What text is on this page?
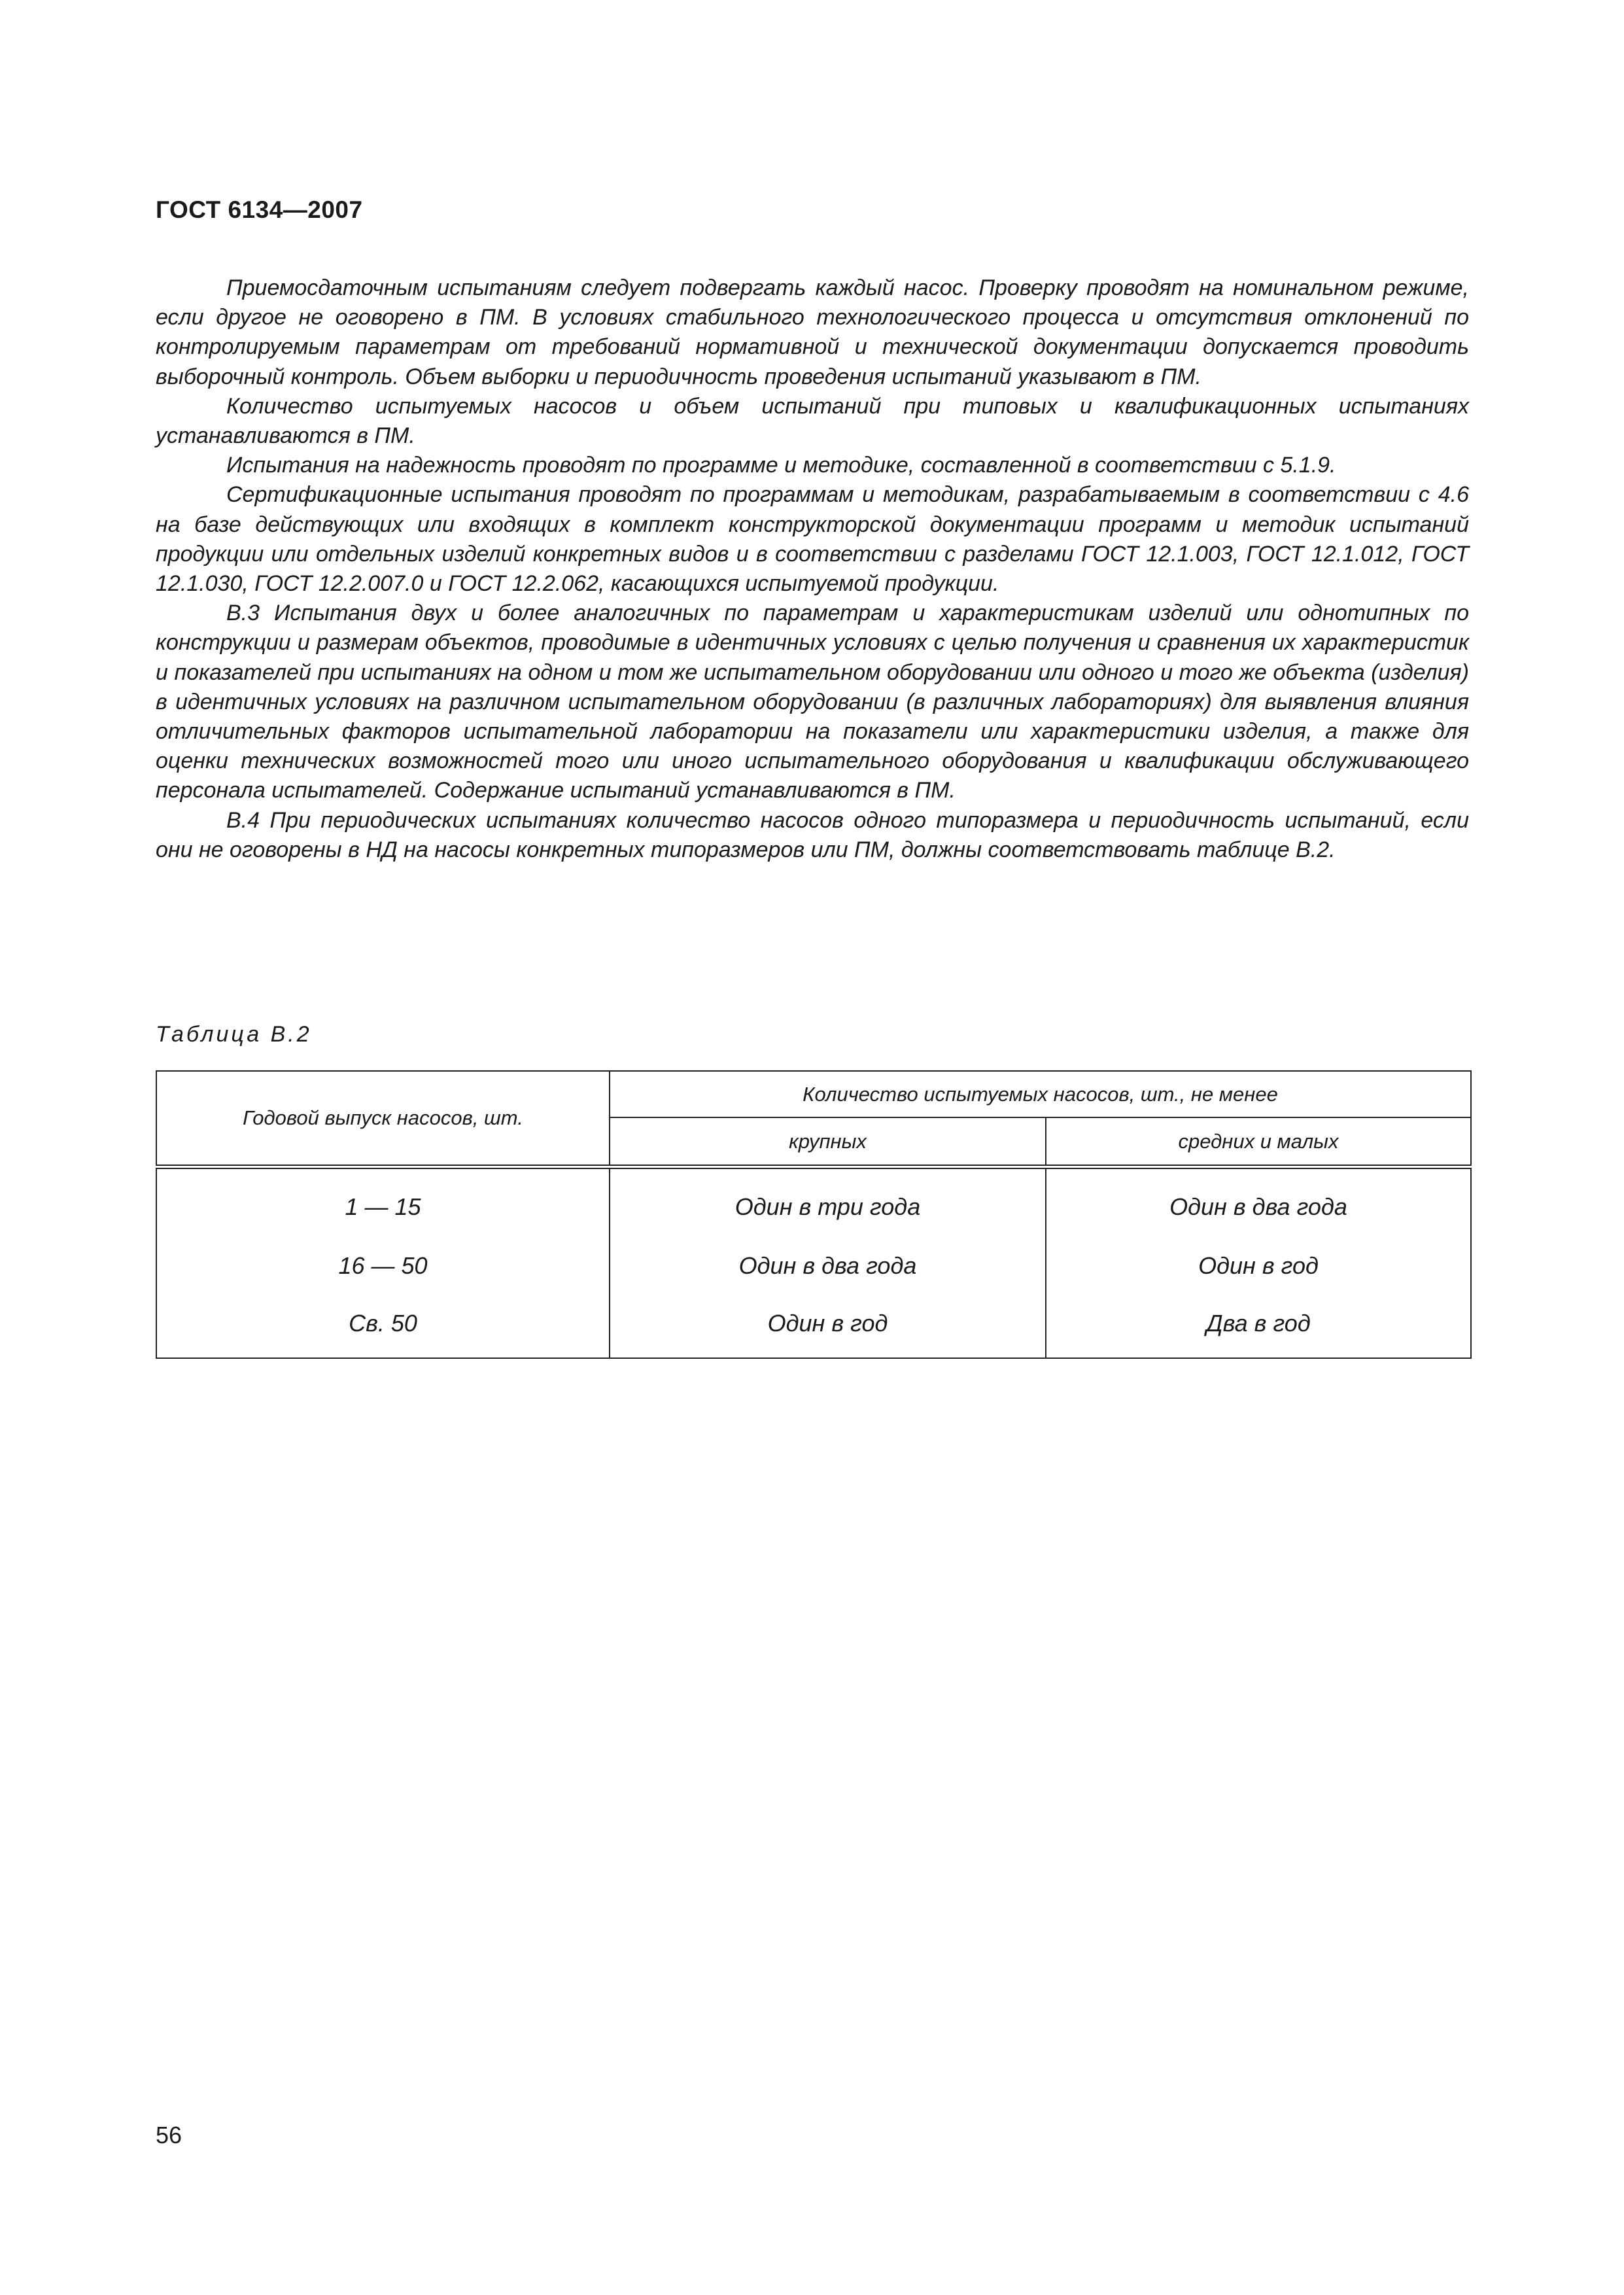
ГОСТ 6134—2007

Приемосдаточным испытаниям следует подвергать каждый насос. Проверку проводят на номинальном режиме, если другое не оговорено в ПМ. В условиях стабильного технологического процесса и отсутствия отклонений по контролируемым параметрам от требований нормативной и технической документации допускается проводить выборочный контроль. Объем выборки и периодичность проведения испытаний указывают в ПМ.

Количество испытуемых насосов и объем испытаний при типовых и квалификационных испытаниях устанавливаются в ПМ.

Испытания на надежность проводят по программе и методике, составленной в соответствии с 5.1.9.

Сертификационные испытания проводят по программам и методикам, разрабатываемым в соответствии с 4.6 на базе действующих или входящих в комплект конструкторской документации программ и методик испытаний продукции или отдельных изделий конкретных видов и в соответствии с разделами ГОСТ 12.1.003, ГОСТ 12.1.012, ГОСТ 12.1.030, ГОСТ 12.2.007.0 и ГОСТ 12.2.062, касающихся испытуемой продукции.

В.3 Испытания двух и более аналогичных по параметрам и характеристикам изделий или однотипных по конструкции и размерам объектов, проводимые в идентичных условиях с целью получения и сравнения их характеристик и показателей при испытаниях на одном и том же испытательном оборудовании или одного и того же объекта (изделия) в идентичных условиях на различном испытательном оборудовании (в различных лабораториях) для выявления влияния отличительных факторов испытательной лаборатории на показатели или характеристики изделия, а также для оценки технических возможностей того или иного испытательного оборудования и квалификации обслуживающего персонала испытателей. Содержание испытаний устанавливаются в ПМ.

В.4 При периодических испытаниях количество насосов одного типоразмера и периодичность испытаний, если они не оговорены в НД на насосы конкретных типоразмеров или ПМ, должны соответствовать таблице В.2.

Таблица В.2
Годовой выпуск насосов, шт.	Количество испытуемых насосов, шт., не менее	
	крупных	средних и малых
1 — 15	Один в три года	Один в два года
16 — 50	Один в два года	Один в год
Св. 50	Один в год	Два в год
56
